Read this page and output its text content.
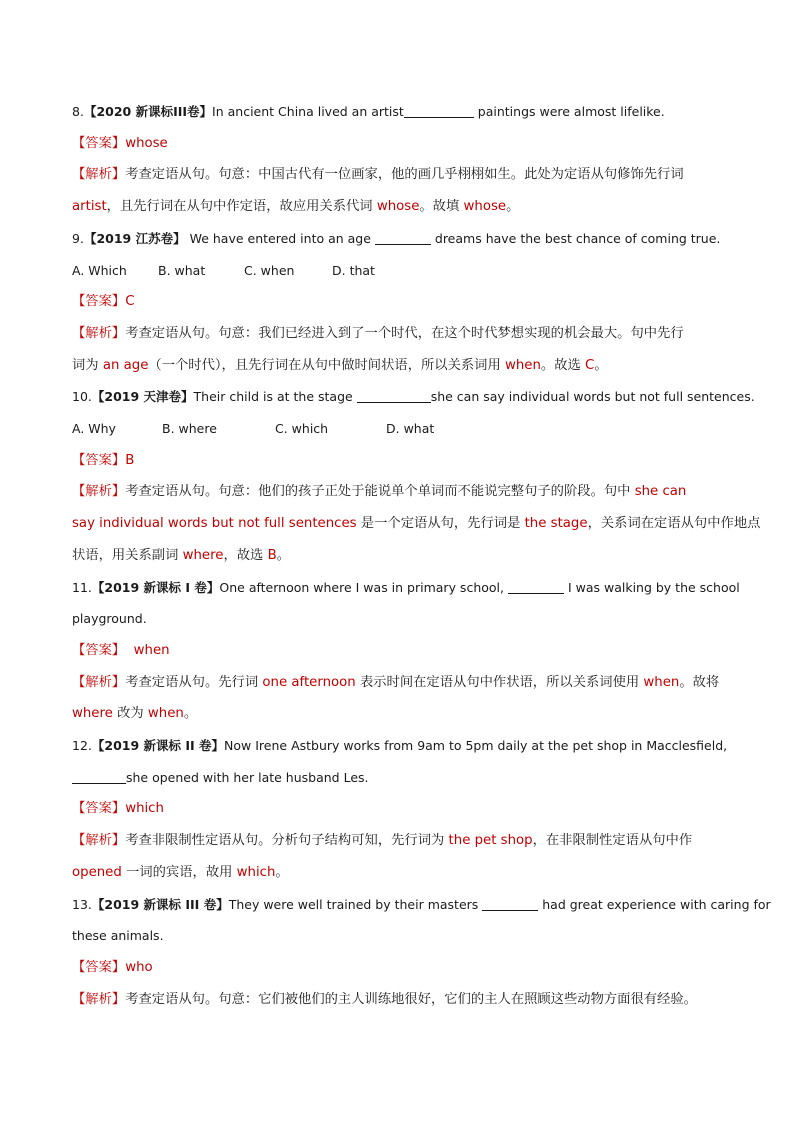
8.【2020 新课标III卷】In ancient China lived an artist	paintings were almost lifelike.
【答案】whose
【解析】考查定语从句。句意：中国古代有一位画家，他的画几乎栩栩如生。此处为定语从句修饰先行词
artist，且先行词在从句中作定语，故应用关系代词 whose。故填 whose。
9.【2019 江苏卷】 We have entered into an age	dreams have the best chance of coming true.
A. Which B. what	C. when	D. that
【答案】C
【解析】考查定语从句。句意：我们已经进入到了一个时代，在这个时代梦想实现的机会最大。句中先行
词为 an age（一个时代），且先行词在从句中做时间状语，所以关系词用 when。故选 C。
10.【2019 天津卷】Their child is at the stage	she can say individual words but not full sentences.
A. Why	B. where	C. which	D. what
【答案】B
【解析】考查定语从句。句意：他们的孩子正处于能说单个单词而不能说完整句子的阶段。句中 she can
say individual words but not full sentences 是一个定语从句，先行词是 the stage，关系词在定语从句中作地点
状语，用关系副词 where，故选 B。
11.【2019 新课标 I 卷】One afternoon where I was in primary school,	I was walking by the school
playground.
【答案】  when
【解析】考查定语从句。先行词 one afternoon 表示时间在定语从句中作状语，所以关系词使用 when。故将
where 改为 when。
12.【2019 新课标 II 卷】Now Irene Astbury works from 9am to 5pm daily at the pet shop in Macclesfield,
she opened with her late husband Les.
【答案】which
【解析】考查非限制性定语从句。分析句子结构可知，先行词为 the pet shop，在非限制性定语从句中作
opened 一词的宾语，故用 which。
13.【2019 新课标 III 卷】They were well trained by their masters	had great experience with caring for
these animals.
【答案】who
【解析】考查定语从句。句意：它们被他们的主人训练地很好，它们的主人在照顾这些动物方面很有经验。
